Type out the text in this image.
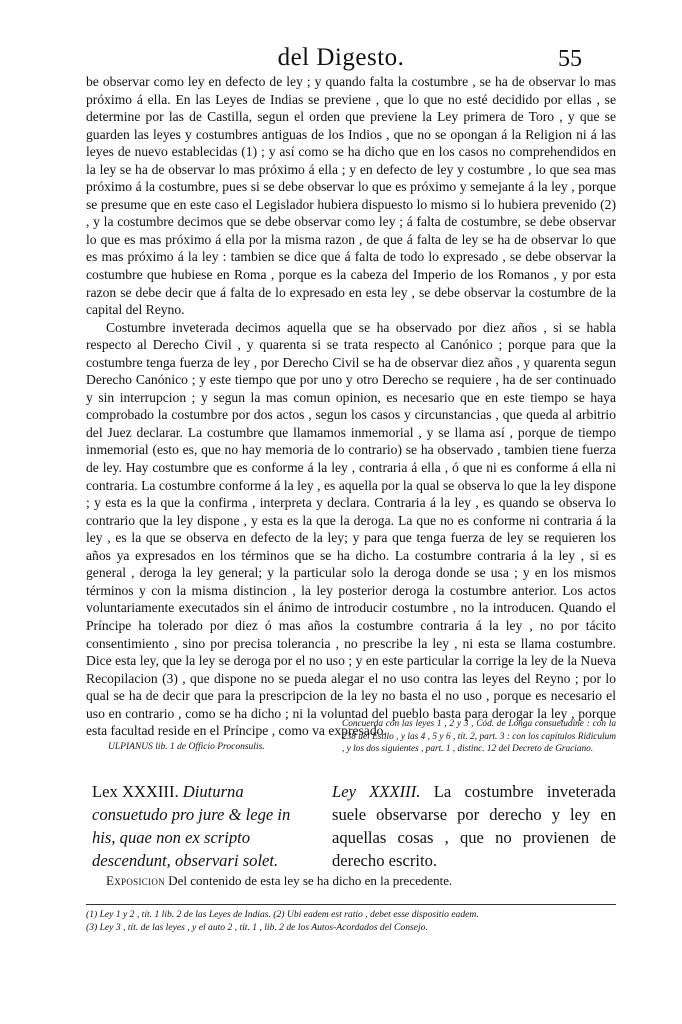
del Digesto.	55

be observar como ley en defecto de ley ; y quando falta la costumbre , se ha de observar lo mas próximo á ella. En las Leyes de Indias se previene , que lo que no esté decidido por ellas , se determine por las de Castilla, segun el orden que previene la Ley primera de Toro , y que se guarden las leyes y costumbres antiguas de los Indios , que no se opongan á la Religion ni á las leyes de nuevo establecidas (1) ; y así como se ha dicho que en los casos no comprehendidos en la ley se ha de observar lo mas próximo á ella ; y en defecto de ley y costumbre , lo que sea mas próximo á la costumbre, pues si se debe observar lo que es próximo y semejante á la ley , porque se presume que en este caso el Legislador hubiera dispuesto lo mismo si lo hubiera prevenido (2) , y la costumbre decimos que se debe observar como ley ; á falta de costumbre, se debe observar lo que es mas próximo á ella por la misma razon , de que á falta de ley se ha de observar lo que es mas próximo á la ley : tambien se dice que á falta de todo lo expresado , se debe observar la costumbre que hubiese en Roma , porque es la cabeza del Imperio de los Romanos , y por esta razon se debe decir que á falta de lo expresado en esta ley , se debe observar la costumbre de la capital del Reyno.

Costumbre inveterada decimos aquella que se ha observado por diez años , si se habla respecto al Derecho Civil , y quarenta si se trata respecto al Canónico ; porque para que la costumbre tenga fuerza de ley , por Derecho Civil se ha de observar diez años , y quarenta segun Derecho Canónico ; y este tiempo que por uno y otro Derecho se requiere , ha de ser continuado y sin interrupcion ; y segun la mas comun opinion, es necesario que en este tiempo se haya comprobado la costumbre por dos actos , segun los casos y circunstancias , que queda al arbitrio del Juez declarar. La costumbre que llamamos inmemorial , y se llama así , porque de tiempo inmemorial (esto es, que no hay memoria de lo contrario) se ha observado , tambien tiene fuerza de ley. Hay costumbre que es conforme á la ley , contraria á ella , ó que ni es conforme á ella ni contraria. La costumbre conforme á la ley , es aquella por la qual se observa lo que la ley dispone ; y esta es la que la confirma , interpreta y declara. Contraria á la ley , es quando se observa lo contrario que la ley dispone , y esta es la que la deroga. La que no es conforme ni contraria á la ley , es la que se observa en defecto de la ley; y para que tenga fuerza de ley se requieren los años ya expresados en los términos que se ha dicho. La costumbre contraria á la ley , si es general , deroga la ley general; y la particular solo la deroga donde se usa ; y en los mismos términos y con la misma distincion , la ley posterior deroga la costumbre anterior. Los actos voluntariamente executados sin el ánimo de introducir costumbre , no la introducen. Quando el Príncipe ha tolerado por diez ó mas años la costumbre contraria á la ley , no por tácito consentimiento , sino por precisa tolerancia , no prescribe la ley , ni esta se llama costumbre. Dice esta ley, que la ley se deroga por el no uso ; y en este particular la corrige la ley de la Nueva Recopilacion (3) , que dispone no se pueda alegar el no uso contra las leyes del Reyno ; por lo qual se ha de decir que para la prescripcion de la ley no basta el no uso , porque es necesario el uso en contrario , como se ha dicho ; ni la voluntad del pueblo basta para derogar la ley , porque esta facultad reside en el Príncipe , como va expresado.

ULPIANUS lib. 1 de Officio Proconsulis.
Concuerda con las leyes 1 , 2 y 3 , Cód. de Longa consuetudine : con la 238 del Estilo , y las 4 , 5 y 6 , tít. 2, part. 3 : con los capítulos Ridiculum , y los dos siguientes , part. 1 , distinc. 12 del Decreto de Graciano.
Lex XXXIII. Diuturna consuetudo pro jure & lege in his, quae non ex scripto descendunt, observari solet.
Ley XXXIII. La costumbre inveterada suele observarse por derecho y ley en aquellas cosas , que no provienen de derecho escrito.
Exposicion Del contenido de esta ley se ha dicho en la precedente.
(1) Ley 1 y 2 , tít. 1 lib. 2 de las Leyes de Indias. (2) Ubi eadem est ratio , debet esse dispositio eadem.
(3) Ley 3 , tít. de las leyes , y el auto 2 , tít. 1 , lib. 2 de los Autos-Acordados del Consejo.
